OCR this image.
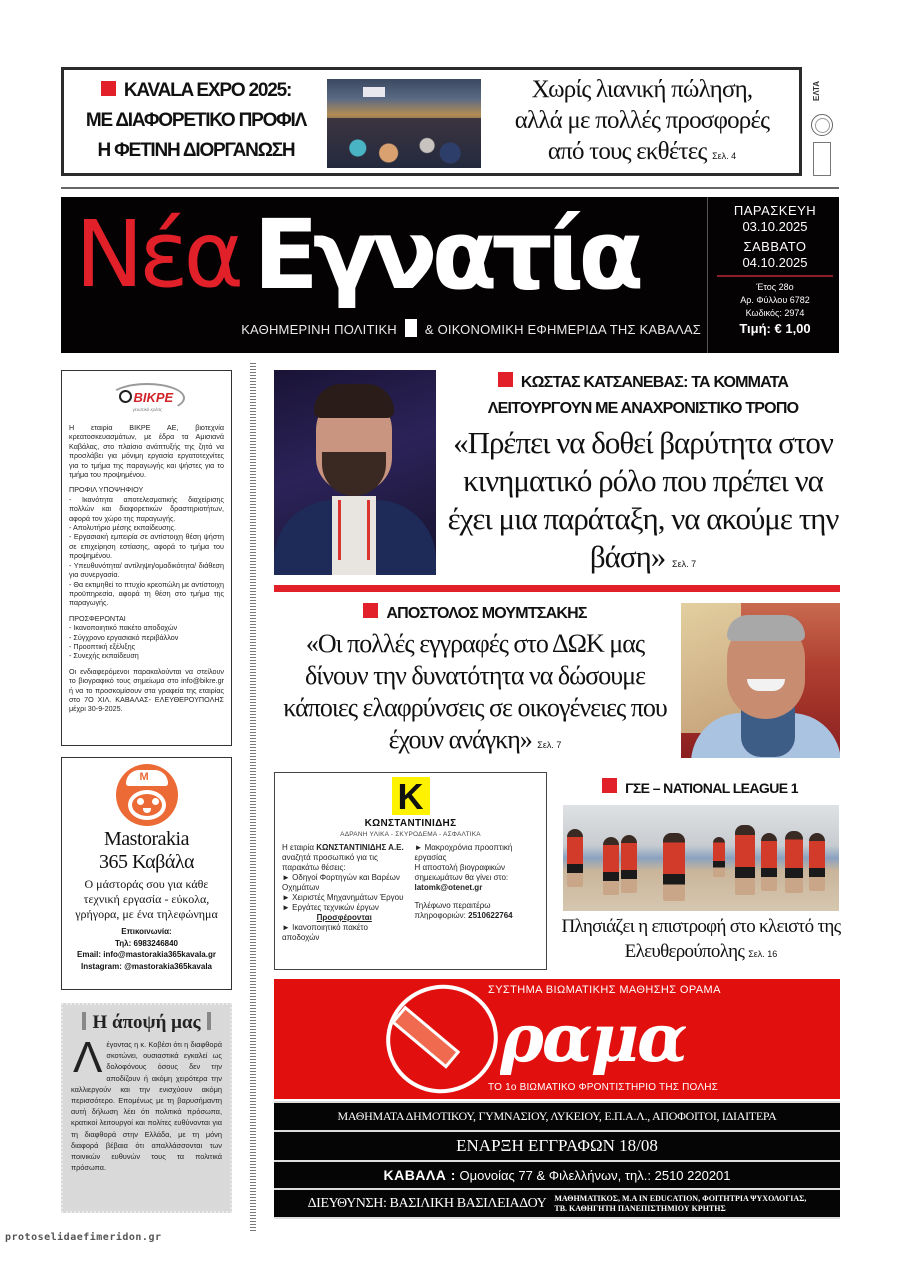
KAVALA EXPO 2025:
ΜΕ ΔΙΑΦΟΡΕΤΙΚΟ ΠΡΟΦΙΛ
Η ΦΕΤΙΝΗ ΔΙΟΡΓΑΝΩΣΗ
Χωρίς λιανική πώληση,
αλλά με πολλές προσφορές
από τους εκθέτες Σελ. 4
ΕΛΤΑ
Νέα Εγνατία
ΚΑΘΗΜΕΡΙΝΗ ΠΟΛΙΤΙΚΗ & ΟΙΚΟΝΟΜΙΚΗ ΕΦΗΜΕΡΙΔΑ ΤΗΣ ΚΑΒΑΛΑΣ
ΠΑΡΑΣΚΕΥΗ
03.10.2025
ΣΑΒΒΑΤΟ
04.10.2025
Έτος 28ο
Αρ. Φύλλου 6782
Κωδικός: 2974
Τιμή: € 1,00
ΒΙΚΡΕ
γευστικό κρέας

Η εταιρία ΒΙΚΡΕ ΑΕ, βιοτεχνία κρεατοσκευασμάτων, με έδρα τα Αμισιανά Καβάλας, στο πλαίσιο ανάπτυξής της ζητά να προσλάβει για μόνιμη εργασία εργατοτεχνίτες για το τμήμα της παραγωγής και ψήστες για το τμήμα του προψημένου.

ΠΡΟΦΙΛ ΥΠΟΨΗΦΙΟΥ

- Ικανότητα αποτελεσματικής διαχείρισης πολλών και διαφορετικών δραστηριοτήτων, αφορά τον χώρο της παραγωγής.
- Απολυτήριο μέσης εκπαίδευσης.
- Εργασιακή εμπειρία σε αντίστοιχη θέση ψήστη σε επιχείρηση εστίασης, αφορά το τμήμα του προψημένου.
- Υπευθυνότητα/ αντίληψη/ομαδικότητα/ διάθεση για συνεργασία.
- Θα εκτιμηθεί το πτυχίο κρεοπώλη με αντίστοιχη προϋπηρεσία, αφορά τη θέση στο τμήμα της παραγωγής.

ΠΡΟΣΦΕΡΟΝΤΑΙ

- Ικανοποιητικό πακέτο αποδοχών
- Σύγχρονο εργασιακό περιβάλλον
- Προοπτική εξέλιξης
- Συνεχής εκπαίδευση

Οι ενδιαφερόμενοι παρακαλούνται να στείλουν το βιογραφικό τους σημείωμα στο info@bikre.gr ή να το προσκομίσουν στα γραφεία της εταιρίας στο 7Ο ΧΙΛ. ΚΑΒΑΛΑΣ- ΕΛΕΥΘΕΡΟΥΠΟΛΗΣ μέχρι 30-9-2025.

M
Mastorakia
365 Καβάλα
Ο μάστοράς σου για κάθε τεχνική εργασία - εύκολα, γρήγορα, με ένα τηλεφώνημα
Επικοινωνία:
Τηλ: 6983246840
Email: info@mastorakia365kavala.gr
Instagram: @mastorakia365kavala
Η άποψή μας
Λέγοντας η κ. Κοβέσι ότι η διαφθορά σκοτώνει, ουσιαστικά εγκαλεί ως δολοφόνους όσους δεν την αποδίζουν ή ακόμη χειρότερα την καλλιεργούν και την ενισχύουν ακόμη περισσότερο. Επομένως με τη βαρυσήμαντη αυτή δήλωση λέει ότι πολιτικά πρόσωπα, κρατικοί λειτουργοί και πολίτες ευθύνονται για τη διαφθορά στην Ελλάδα, με τη μόνη διαφορά βέβαια ότι απαλλάσσονται των ποινικών ευθυνών τους τα πολιτικά πρόσωπα.
protoselidaefimeridon.gr
ΚΩΣΤΑΣ ΚΑΤΣΑΝΕΒΑΣ: ΤΑ ΚΟΜΜΑΤΑ
ΛΕΙΤΟΥΡΓΟΥΝ ΜΕ ΑΝΑΧΡΟΝΙΣΤΙΚΟ ΤΡΟΠΟ
«Πρέπει να δοθεί βαρύτητα στον κινηματικό ρόλο που πρέπει να έχει μια παράταξη, να ακούμε την βάση» Σελ. 7
ΑΠΟΣΤΟΛΟΣ ΜΟΥΜΤΣΑΚΗΣ
«Οι πολλές εγγραφές στο ΔΩΚ μας δίνουν την δυνατότητα να δώσουμε κάποιες ελαφρύνσεις σε οικογένειες που έχουν ανάγκη» Σελ. 7
K
ΚΩΝΣΤΑΝΤΙΝΙΔΗΣ
ΑΔΡΑΝΗ ΥΛΙΚΑ - ΣΚΥΡΟΔΕΜΑ - ΑΣΦΑΛΤΙΚΑ
Η εταιρία ΚΩΝΣΤΑΝΤΙΝΙΔΗΣ Α.Ε. αναζητά προσωπικό για τις παρακάτω θέσεις:
► Οδηγοί Φορτηγών και Βαρέων Οχημάτων
► Χειριστές Μηχανημάτων Έργου
► Εργάτες τεχνικών έργων
Προσφέρονται
► Ικανοποιητικό πακέτο αποδοχών
► Μακροχρόνια προοπτική εργασίας
Η αποστολή βιογραφικών σημειωμάτων θα γίνει στο:
latomk@otenet.gr
Τηλέφωνο περαιτέρω πληροφοριών: 2510622764
ΓΣΕ – NATIONAL LEAGUE 1
Πλησιάζει η επιστροφή στο κλειστό της Ελευθερούπολης Σελ. 16
ΣΥΣΤΗΜΑ ΒΙΩΜΑΤΙΚΗΣ ΜΑΘΗΣΗΣ ΟΡΑΜΑ
ραμα
ΤΟ 1ο ΒΙΩΜΑΤΙΚΟ ΦΡΟΝΤΙΣΤΗΡΙΟ ΤΗΣ ΠΟΛΗΣ
ΜΑΘΗΜΑΤΑ ΔΗΜΟΤΙΚΟΥ, ΓΥΜΝΑΣΙΟΥ, ΛΥΚΕΙΟΥ, Ε.Π.Α.Λ., ΑΠΟΦΟΙΤΟΙ, ΙΔΙΑΙΤΕΡΑ
ΕΝΑΡΞΗ ΕΓΓΡΑΦΩΝ 18/08
ΚΑΒΑΛΑ : Ομονοίας 77 & Φιλελλήνων, τηλ.: 2510 220201
ΔΙΕΥΘΥΝΣΗ: ΒΑΣΙΛΙΚΗ ΒΑΣΙΛΕΙΑΔΟΥ ΜΑΘΗΜΑΤΙΚΟΣ, M.A IN EDUCATION, ΦΟΙΤΗΤΡΙΑ ΨΥΧΟΛΟΓΙΑΣ,
ΤΒ. ΚΑΘΗΓΗΤΗ ΠΑΝΕΠΙΣΤΗΜΙΟΥ ΚΡΗΤΗΣ
